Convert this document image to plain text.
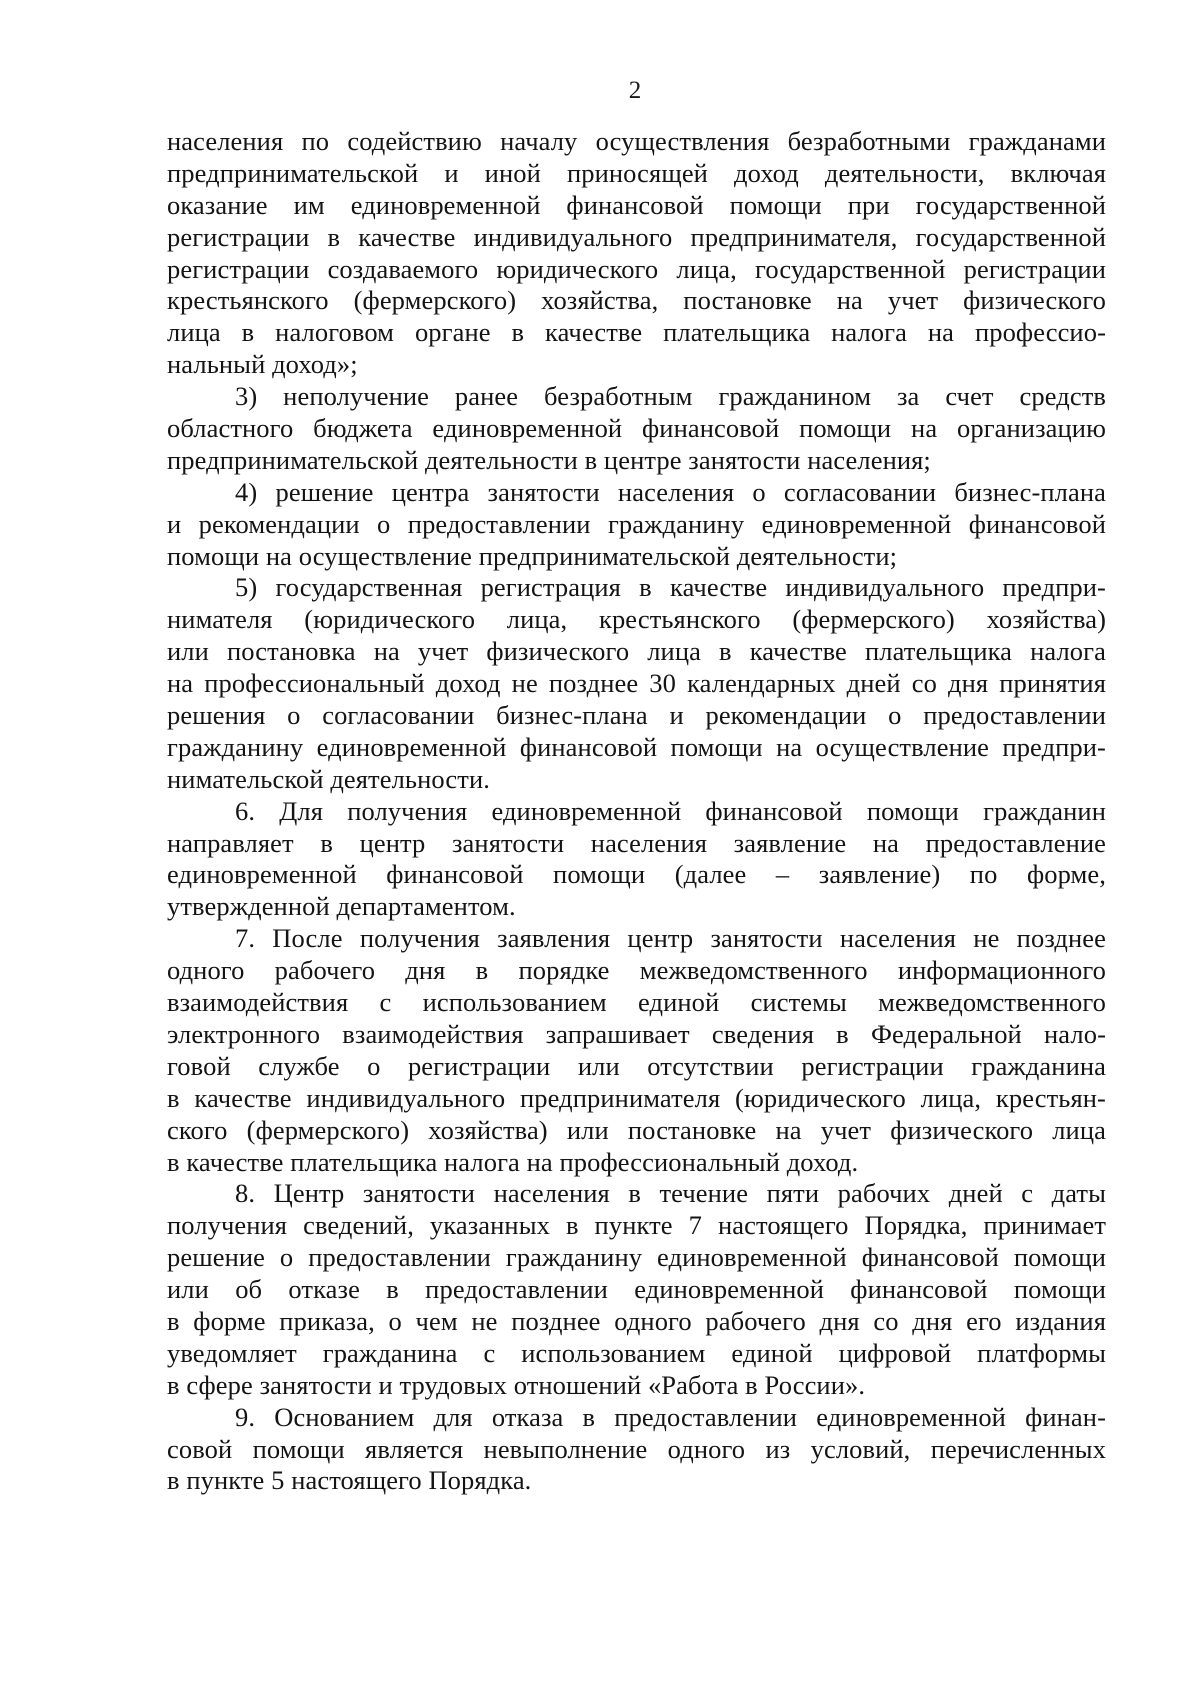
2
населения по содействию началу осуществления безработными гражданами
предпринимательской и иной приносящей доход деятельности, включая
оказание им единовременной финансовой помощи при государственной
регистрации в качестве индивидуального предпринимателя, государственной
регистрации создаваемого юридического лица, государственной регистрации
крестьянского (фермерского) хозяйства, постановке на учет физического
лица в налоговом органе в качестве плательщика налога на профессио-
нальный доход»;
3) неполучение ранее безработным гражданином за счет средств
областного бюджета единовременной финансовой помощи на организацию
предпринимательской деятельности в центре занятости населения;
4) решение центра занятости населения о согласовании бизнес-плана
и рекомендации о предоставлении гражданину единовременной финансовой
помощи на осуществление предпринимательской деятельности;
5) государственная регистрация в качестве индивидуального предпри-
нимателя (юридического лица, крестьянского (фермерского) хозяйства)
или постановка на учет физического лица в качестве плательщика налога
на профессиональный доход не позднее 30 календарных дней со дня принятия
решения о согласовании бизнес-плана и рекомендации о предоставлении
гражданину единовременной финансовой помощи на осуществление предпри-
нимательской деятельности.
6. Для получения единовременной финансовой помощи гражданин
направляет в центр занятости населения заявление на предоставление
единовременной финансовой помощи (далее – заявление) по форме,
утвержденной департаментом.
7. После получения заявления центр занятости населения не позднее
одного рабочего дня в порядке межведомственного информационного
взаимодействия с использованием единой системы межведомственного
электронного взаимодействия запрашивает сведения в Федеральной нало-
говой службе о регистрации или отсутствии регистрации гражданина
в качестве индивидуального предпринимателя (юридического лица, крестьян-
ского (фермерского) хозяйства) или постановке на учет физического лица
в качестве плательщика налога на профессиональный доход.
8. Центр занятости населения в течение пяти рабочих дней с даты
получения сведений, указанных в пункте 7 настоящего Порядка, принимает
решение о предоставлении гражданину единовременной финансовой помощи
или об отказе в предоставлении единовременной финансовой помощи
в форме приказа, о чем не позднее одного рабочего дня со дня его издания
уведомляет гражданина с использованием единой цифровой платформы
в сфере занятости и трудовых отношений «Работа в России».
9. Основанием для отказа в предоставлении единовременной финан-
совой помощи является невыполнение одного из условий, перечисленных
в пункте 5 настоящего Порядка.
